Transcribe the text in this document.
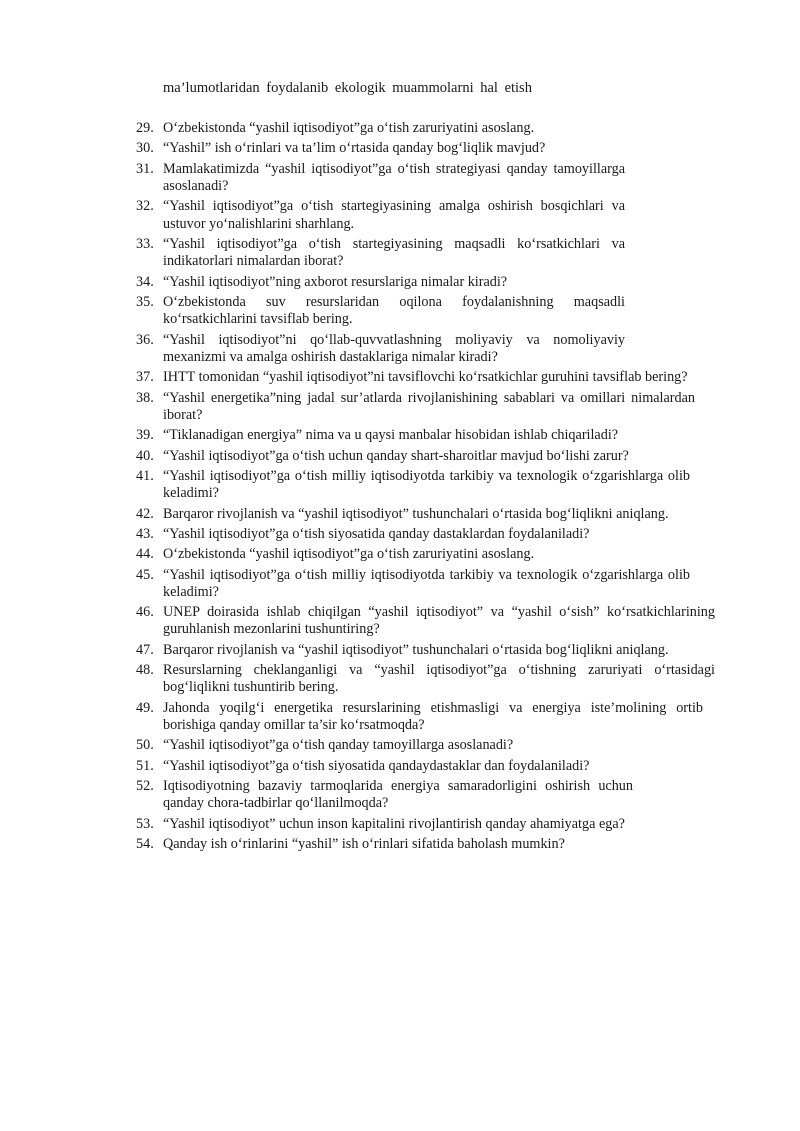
ma’lumotlaridan foydalanib ekologik muammolarni hal etish
29. O‘zbekistonda “yashil iqtisodiyot”ga o‘tish zaruriyatini asoslang.
30. “Yashil” ish o‘rinlari va ta’lim o‘rtasida qanday bog‘liqlik mavjud?
31. Mamlakatimizda “yashil iqtisodiyot”ga o‘tish strategiyasi qanday tamoyillarga asoslanadi?
32. “Yashil iqtisodiyot”ga o‘tish startegiyasining amalga oshirish bosqichlari va ustuvor yo‘nalishlarini sharhlang.
33. “Yashil iqtisodiyot”ga o‘tish startegiyasining maqsadli ko‘rsatkichlari va indikatorlari nimalardan iborat?
34. “Yashil iqtisodiyot”ning axborot resurslariga nimalar kiradi?
35. O‘zbekistonda suv resurslaridan oqilona foydalanishning maqsadli ko‘rsatkichlarini tavsiflab bering.
36. “Yashil iqtisodiyot”ni qo‘llab-quvvatlashning moliyaviy va nomoliyaviy mexanizmi va amalga oshirish dastaklariga nimalar kiradi?
37. IHTT tomonidan “yashil iqtisodiyot”ni tavsiflovchi ko‘rsatkichlar guruhini tavsiflab bering?
38. “Yashil energetika”ning jadal sur’atlarda rivojlanishining sabablari va omillari nimalardan iborat?
39. “Tiklanadigan energiya” nima va u qaysi manbalar hisobidan ishlab chiqariladi?
40. “Yashil iqtisodiyot”ga o‘tish uchun qanday shart-sharoitlar mavjud bo‘lishi zarur?
41. “Yashil iqtisodiyot”ga o‘tish milliy iqtisodiyotda tarkibiy va texnologik o‘zgarishlarga olib keladimi?
42. Barqaror rivojlanish va “yashil iqtisodiyot” tushunchalari o‘rtasida bog‘liqlikni aniqlang.
43. “Yashil iqtisodiyot”ga o‘tish siyosatida qanday dastaklardan foydalaniladi?
44. O‘zbekistonda “yashil iqtisodiyot”ga o‘tish zaruriyatini asoslang.
45. “Yashil iqtisodiyot”ga o‘tish milliy iqtisodiyotda tarkibiy va texnologik o‘zgarishlarga olib keladimi?
46. UNEP doirasida ishlab chiqilgan “yashil iqtisodiyot” va “yashil o‘sish” ko‘rsatkichlarining guruhlanish mezonlarini tushuntiring?
47. Barqaror rivojlanish va “yashil iqtisodiyot” tushunchalari o‘rtasida bog‘liqlikni aniqlang.
48. Resurslarning cheklanganligi va “yashil iqtisodiyot”ga o‘tishning zaruriyati o‘rtasidagi bog‘liqlikni tushuntirib bering.
49. Jahonda yoqilg‘i energetika resurslarining etishmasligi va energiya iste’molining ortib borishiga qanday omillar ta’sir ko‘rsatmoqda?
50. “Yashil iqtisodiyot”ga o‘tish qanday tamoyillarga asoslanadi?
51. “Yashil iqtisodiyot”ga o‘tish siyosatida qandaydastaklar dan foydalaniladi?
52. Iqtisodiyotning bazaviy tarmoqlarida energiya samaradorligini oshirish uchun qanday chora-tadbirlar qo‘llanilmoqda?
53. “Yashil iqtisodiyot” uchun inson kapitalini rivojlantirish qanday ahamiyatga ega?
54. Qanday ish o‘rinlarini “yashil” ish o‘rinlari sifatida baholash mumkin?
